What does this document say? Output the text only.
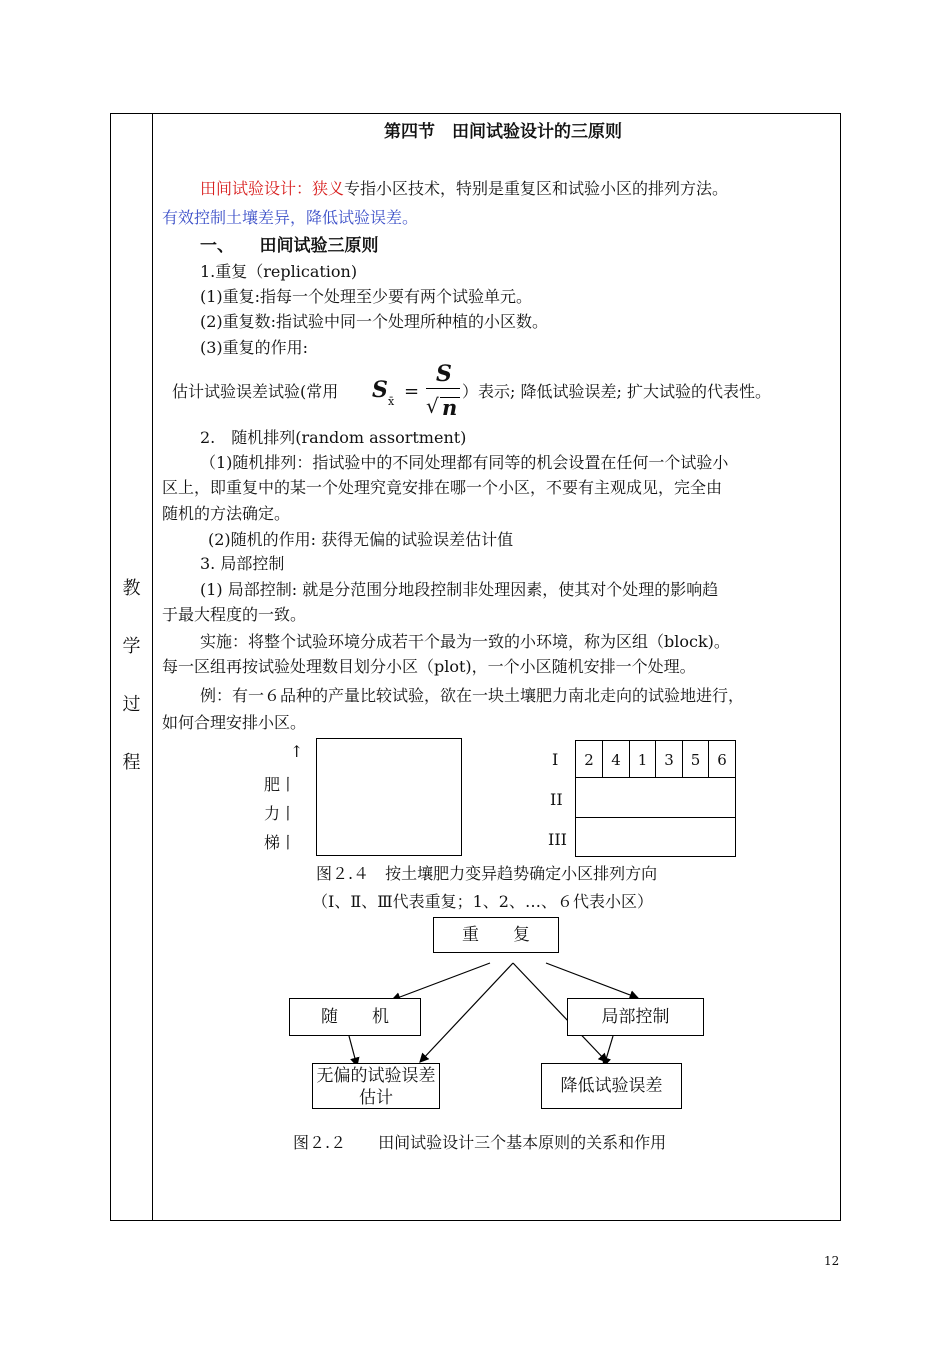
教
学
过
程
第四节　田间试验设计的三原则
田间试验设计：狭义专指小区技术，特别是重复区和试验小区的排列方法。
有效控制土壤差异，降低试验误差。
一、　　田间试验三原则
1.重复（replication)
(1)重复:指每一个处理至少要有两个试验单元。
(2)重复数:指试验中同一个处理所种植的小区数。
(3)重复的作用:
估计试验误差试验(常用 S x̄ =
S
√ n
）表示; 降低试验误差; 扩大试验的代表性。
2.　随机排列(random assortment)
（1)随机排列：指试验中的不同处理都有同等的机会设置在任何一个试验小
区上，即重复中的某一个处理究竟安排在哪一个小区，不要有主观成见，完全由
随机的方法确定。
(2)随机的作用: 获得无偏的试验误差估计值
3. 局部控制
(1) 局部控制: 就是分范围分地段控制非处理因素，使其对个处理的影响趋
于最大程度的一致。
实施：将整个试验环境分成若干个最为一致的小环境，称为区组（block)。
每一区组再按试验处理数目划分小区（plot)，一个小区随机安排一个处理。
例：有一６品种的产量比较试验，欲在一块土壤肥力南北走向的试验地进行，
如何合理安排小区。
↑
肥丨
力丨
梯丨
I
II
III
2	4	1	3	5	6
图２.４　按土壤肥力变异趋势确定小区排列方向
（Ⅰ、Ⅱ、Ⅲ代表重复；1、2、…、６代表小区）
重　　复
随　　机	局部控制
无偏的试验误差估计
降低试验误差
图２.２　　田间试验设计三个基本原则的关系和作用
12
